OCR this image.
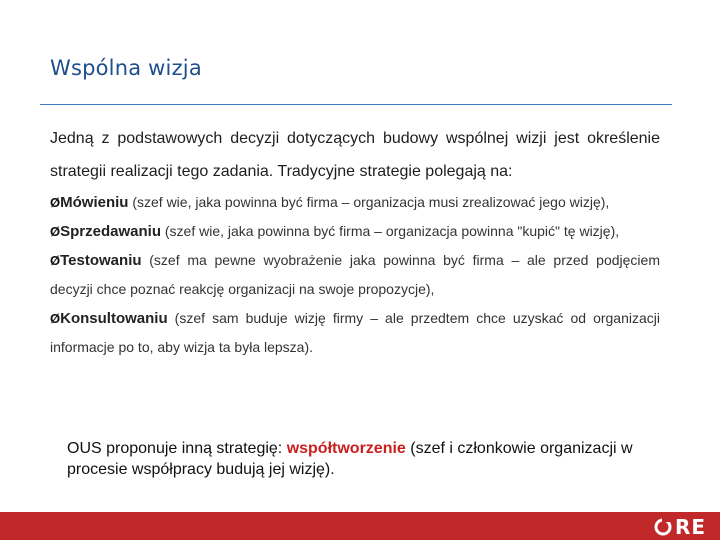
Wspólna wizja

Jedną z podstawowych decyzji dotyczących budowy wspólnej wizji jest określenie strategii realizacji tego zadania. Tradycyjne strategie polegają na:

ØMówieniu (szef wie, jaka powinna być firma – organizacja musi zrealizować jego wizję),

ØSprzedawaniu (szef wie, jaka powinna być firma – organizacja powinna "kupić" tę wizję),

ØTestowaniu (szef ma pewne wyobrażenie jaka powinna być firma – ale przed podjęciem decyzji chce poznać reakcję organizacji na swoje propozycje),

ØKonsultowaniu (szef sam buduje wizję firmy – ale przedtem chce uzyskać od organizacji informacje po to, aby wizja ta była lepsza).

OUS proponuje inną strategię: współtworzenie (szef i członkowie organizacji w procesie współpracy budują jej wizję).
RE
